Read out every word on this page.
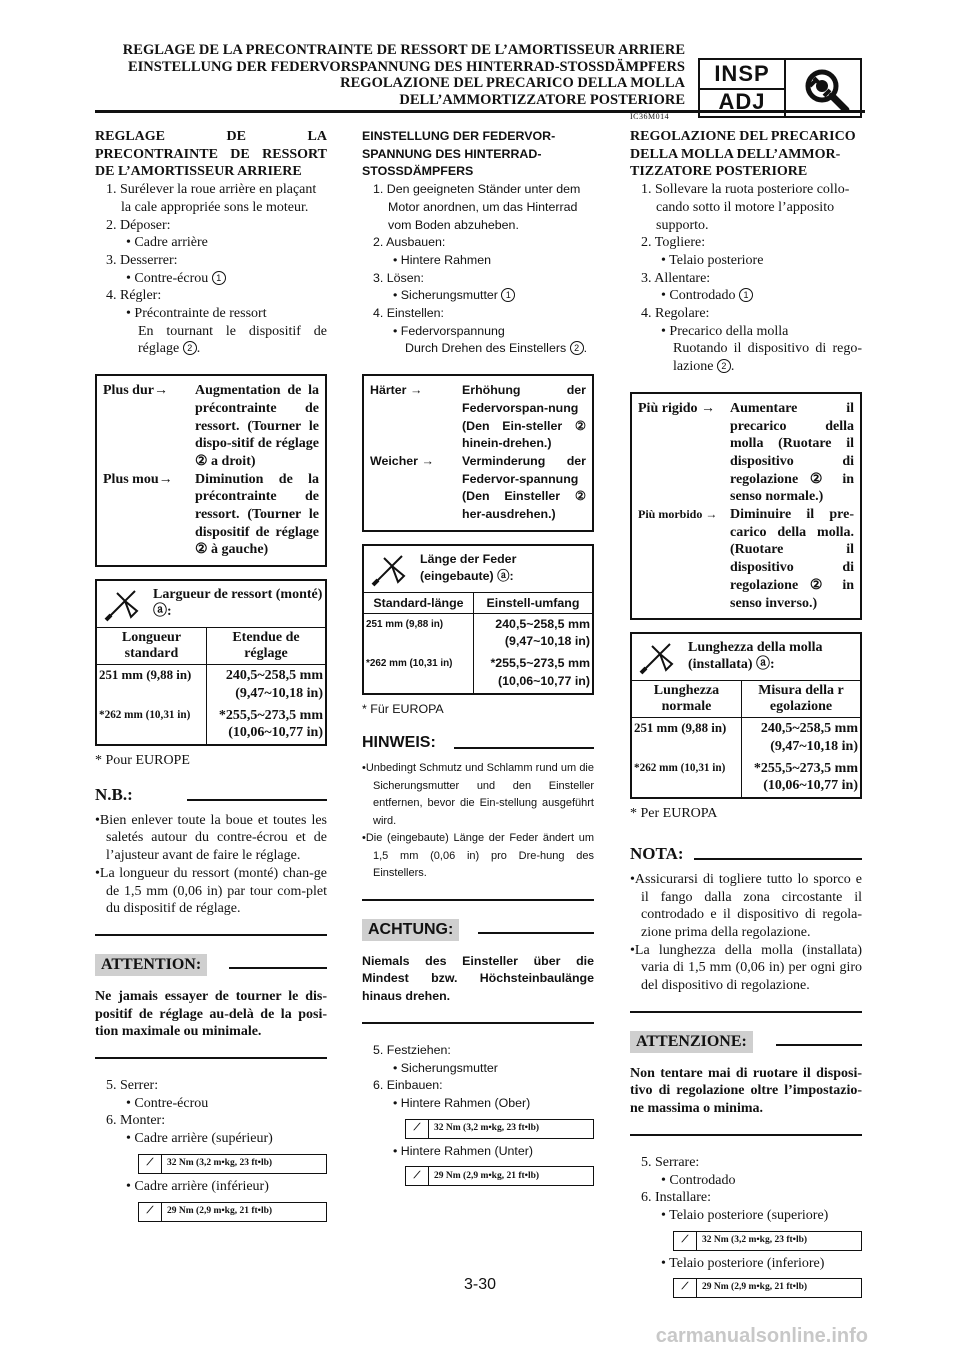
REGLAGE DE LA PRECONTRAINTE DE RESSORT DE L’AMORTISSEUR ARRIERE
EINSTELLUNG DER FEDERVORSPANNUNG DES HINTERRAD-STOSSDÄMPFERS
REGOLAZIONE DEL PRECARICO DELLA MOLLA
DELL’AMMORTIZZATORE POSTERIORE
INSP
ADJ
IC36M014
REGLAGE DE LA PRECONTRAINTE DE RESSORT DE L’AMORTISSEUR ARRIERE
1. Surélever la roue arrière en plaçant la cale appropriée sons le moteur.
2. Déposer:
• Cadre arrière
3. Desserrer:
• Contre-écrou 1
4. Régler:
• Précontrainte de ressort
En tournant le dispositif de réglage 2 .
Plus dur→	Augmentation de la précontrainte de ressort. (Tourner le dispo-sitif de réglage ② a droit)
Plus mou→	Diminution de la précontrainte de ressort. (Tourner le dispositif de réglage ② à gauche)
Largueur de ressort (monté) ⓐ:
Longueur standard	Etendue de réglage
251 mm (9,88 in)	240,5~258,5 mm
(9,47~10,18 in)

*262 mm (10,31 in)	*255,5~273,5 mm
(10,06~10,77 in)
* Pour EUROPE
N.B.:
•Bien enlever toute la boue et toutes les saletés autour du contre-écrou et de l’ajusteur avant de faire le réglage.
•La longueur du ressort (monté) chan-ge de 1,5 mm (0,06 in) par tour com-plet du dispositif de réglage.
ATTENTION:
Ne jamais essayer de tourner le dis-positif de réglage au-delà de la posi-tion maximale ou minimale.
5. Serrer:
• Contre-écrou
6. Monter:
• Cadre arrière (supérieur)
⟋	32 Nm (3,2 m•kg, 23 ft•lb)
• Cadre arrière (inférieur)
⟋	29 Nm (2,9 m•kg, 21 ft•lb)
EINSTELLUNG DER FEDERVOR-SPANNUNG DES HINTERRAD-STOSSDÄMPFERS
1. Den geeigneten Ständer unter dem Motor anordnen, um das Hinterrad vom Boden abzuheben.
2. Ausbauen:
• Hintere Rahmen
3. Lösen:
• Sicherungsmutter 1
4. Einstellen:
• Federvorspannung
Durch Drehen des Einstellers 2 .
Härter →	Erhöhung der Federvorspan-nung (Den Ein-steller ② hinein-drehen.)
Weicher →	Verminderung der Federvor-spannung (Den Einsteller ② her-ausdrehen.)
Länge der Feder (eingebaute) ⓐ:
Standard-länge	Einstell-umfang
251 mm (9,88 in)	240,5~258,5 mm
(9,47~10,18 in)

*262 mm (10,31 in)	*255,5~273,5 mm
(10,06~10,77 in)
* Für EUROPA
HINWEIS:
•Unbedingt Schmutz und Schlamm rund um die Sicherungsmutter und den Einsteller entfernen, bevor die Ein-stellung ausgeführt wird.
•Die (eingebaute) Länge der Feder ändert um 1,5 mm (0,06 in) pro Dre-hung des Einstellers.
ACHTUNG:
Niemals des Einsteller über die Mindest bzw. Höchsteinbaulänge hinaus drehen.
5. Festziehen:
• Sicherungsmutter
6. Einbauen:
• Hintere Rahmen (Ober)
⟋	32 Nm (3,2 m•kg, 23 ft•lb)
• Hintere Rahmen (Unter)
⟋	29 Nm (2,9 m•kg, 21 ft•lb)
REGOLAZIONE DEL PRECARICO DELLA MOLLA DELL’AMMOR-TIZZATORE POSTERIORE
1. Sollevare la ruota posteriore collo-cando sotto il motore l’apposito supporto.
2. Togliere:
• Telaio posteriore
3. Allentare:
• Controdado 1
4. Regolare:
• Precarico della molla
Ruotando il dispositivo di rego-lazione 2 .
Più rigido →	Aumentare il precarico della molla (Ruotare il dispositivo di regolazione ② in senso normale.)
Più morbido →	Diminuire il pre-carico della molla. (Ruotare il dispositivo di regolazione ② in senso inverso.)
Lunghezza della molla (installata) ⓐ:
Lunghezza normale	Misura della r egolazione
251 mm (9,88 in)	240,5~258,5 mm
(9,47~10,18 in)

*262 mm (10,31 in)	*255,5~273,5 mm
(10,06~10,77 in)
* Per EUROPA
NOTA:
•Assicurarsi di togliere tutto lo sporco e il fango dalla zona circostante il controdado e il dispositivo di regola-zione prima della regolazione.
•La lunghezza della molla (installata) varia di 1,5 mm (0,06 in) per ogni giro del dispositivo di regolazione.
ATTENZIONE:
Non tentare mai di ruotare il disposi-tivo di regolazione oltre l’impostazio-ne massima o minima.
5. Serrare:
• Controdado
6. Installare:
• Telaio posteriore (superiore)
⟋	32 Nm (3,2 m•kg, 23 ft•lb)
• Telaio posteriore (inferiore)
⟋	29 Nm (2,9 m•kg, 21 ft•lb)
3-30
carmanualsonline.info
